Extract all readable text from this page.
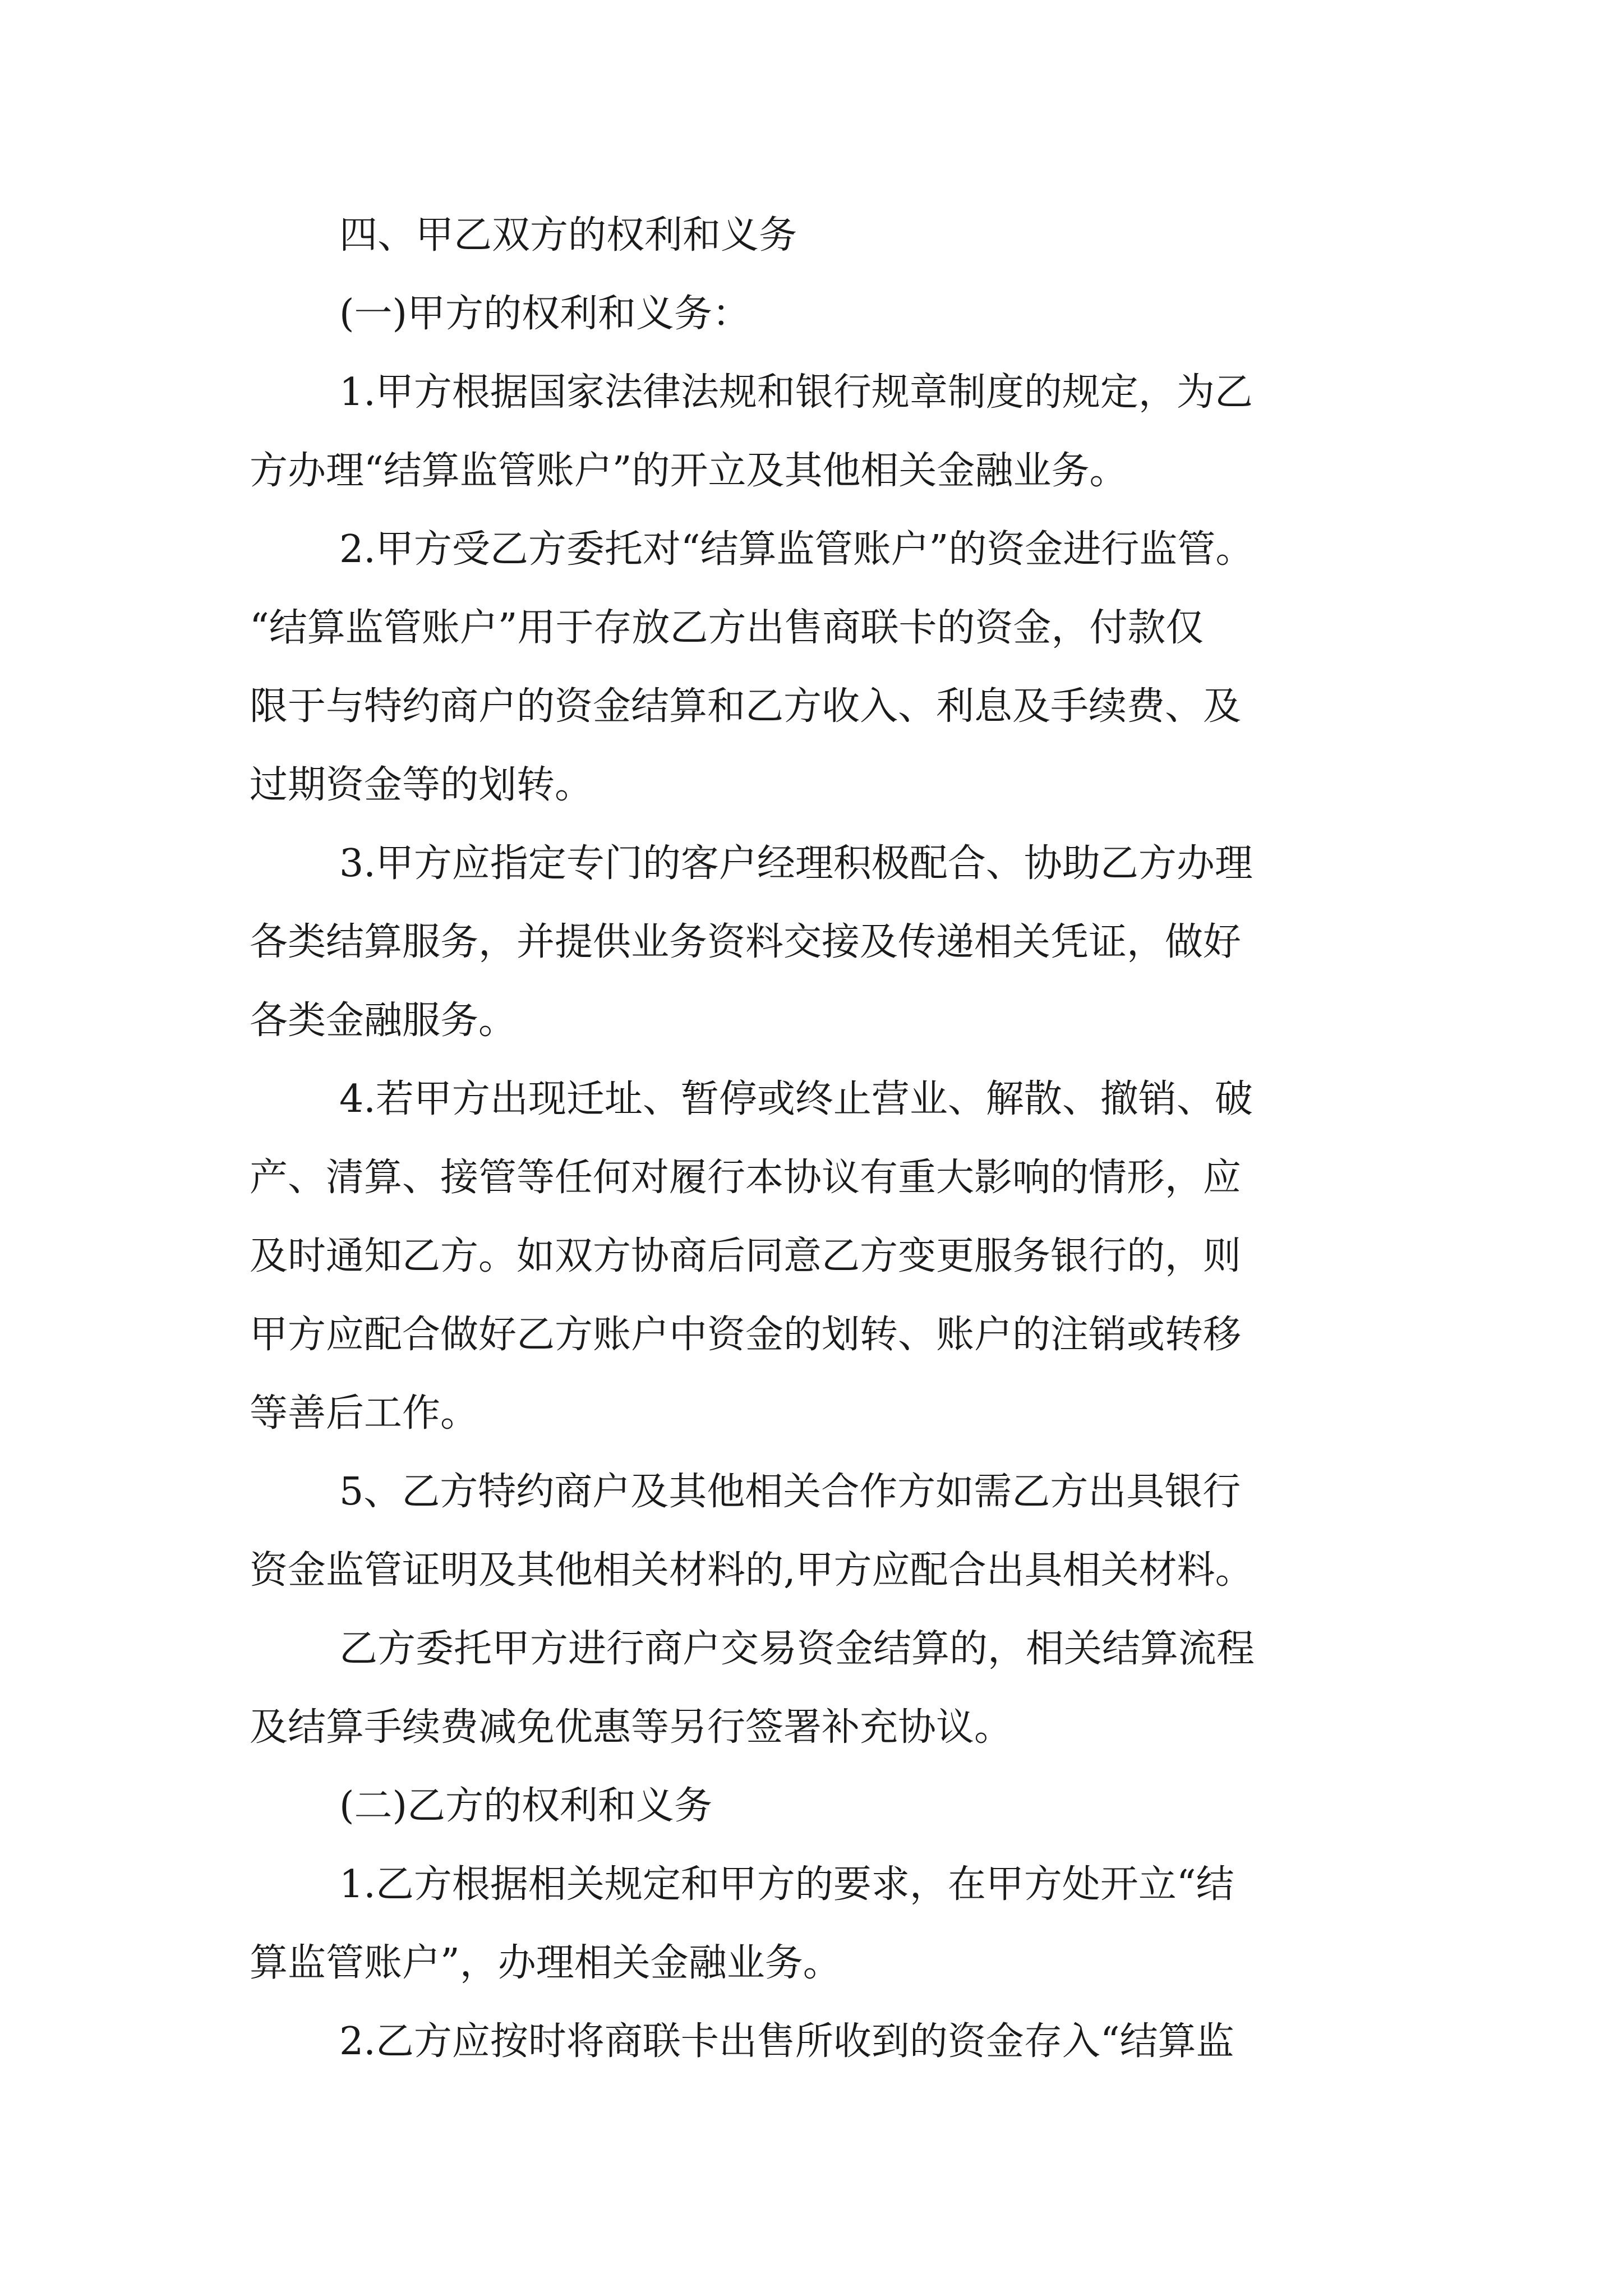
四、甲乙双方的权利和义务
(一)甲方的权利和义务：
1.甲方根据国家法律法规和银行规章制度的规定，为乙
方办理“结算监管账户”的开立及其他相关金融业务。
2.甲方受乙方委托对“结算监管账户”的资金进行监管。
“结算监管账户”用于存放乙方出售商联卡的资金，付款仅
限于与特约商户的资金结算和乙方收入、利息及手续费、及
过期资金等的划转。
3.甲方应指定专门的客户经理积极配合、协助乙方办理
各类结算服务，并提供业务资料交接及传递相关凭证，做好
各类金融服务。
4.若甲方出现迁址、暂停或终止营业、解散、撤销、破
产、清算、接管等任何对履行本协议有重大影响的情形，应
及时通知乙方。如双方协商后同意乙方变更服务银行的，则
甲方应配合做好乙方账户中资金的划转、账户的注销或转移
等善后工作。
5、乙方特约商户及其他相关合作方如需乙方出具银行
资金监管证明及其他相关材料的,甲方应配合出具相关材料。
乙方委托甲方进行商户交易资金结算的，相关结算流程
及结算手续费减免优惠等另行签署补充协议。
(二)乙方的权利和义务
1.乙方根据相关规定和甲方的要求，在甲方处开立“结
算监管账户”，办理相关金融业务。
2.乙方应按时将商联卡出售所收到的资金存入“结算监
